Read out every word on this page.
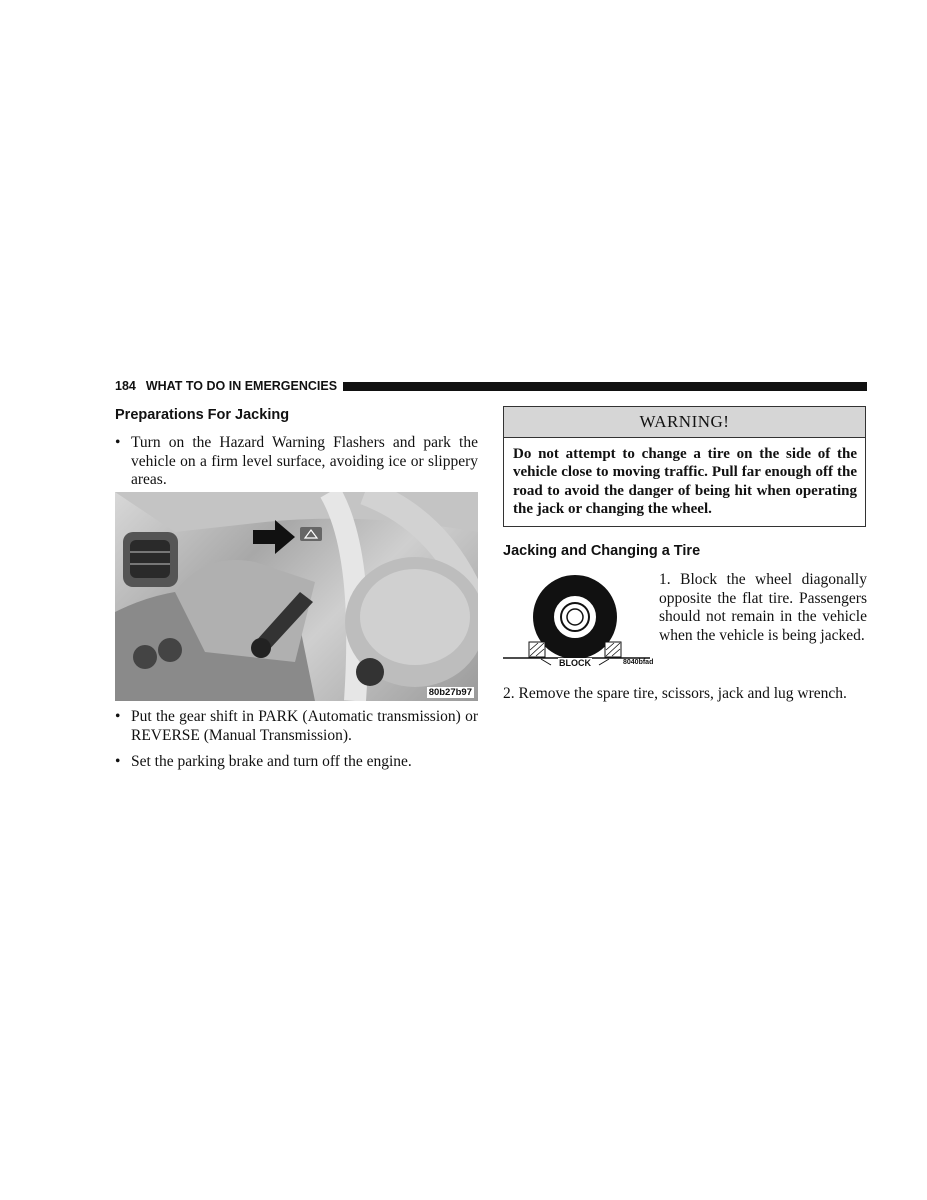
184 WHAT TO DO IN EMERGENCIES
Preparations For Jacking
• Turn on the Hazard Warning Flashers and park the vehicle on a firm level surface, avoiding ice or slippery areas.
80b27b97
• Put the gear shift in PARK (Automatic transmission) or REVERSE (Manual Transmission).
• Set the parking brake and turn off the engine.
WARNING!
Do not attempt to change a tire on the side of the vehicle close to moving traffic. Pull far enough off the road to avoid the danger of being hit when operating the jack or changing the wheel.
Jacking and Changing a Tire
BLOCK	8040bfad
1. Block the wheel diagonally opposite the flat tire. Passengers should not remain in the vehicle when the vehicle is being jacked.
2. Remove the spare tire, scissors, jack and lug wrench.
